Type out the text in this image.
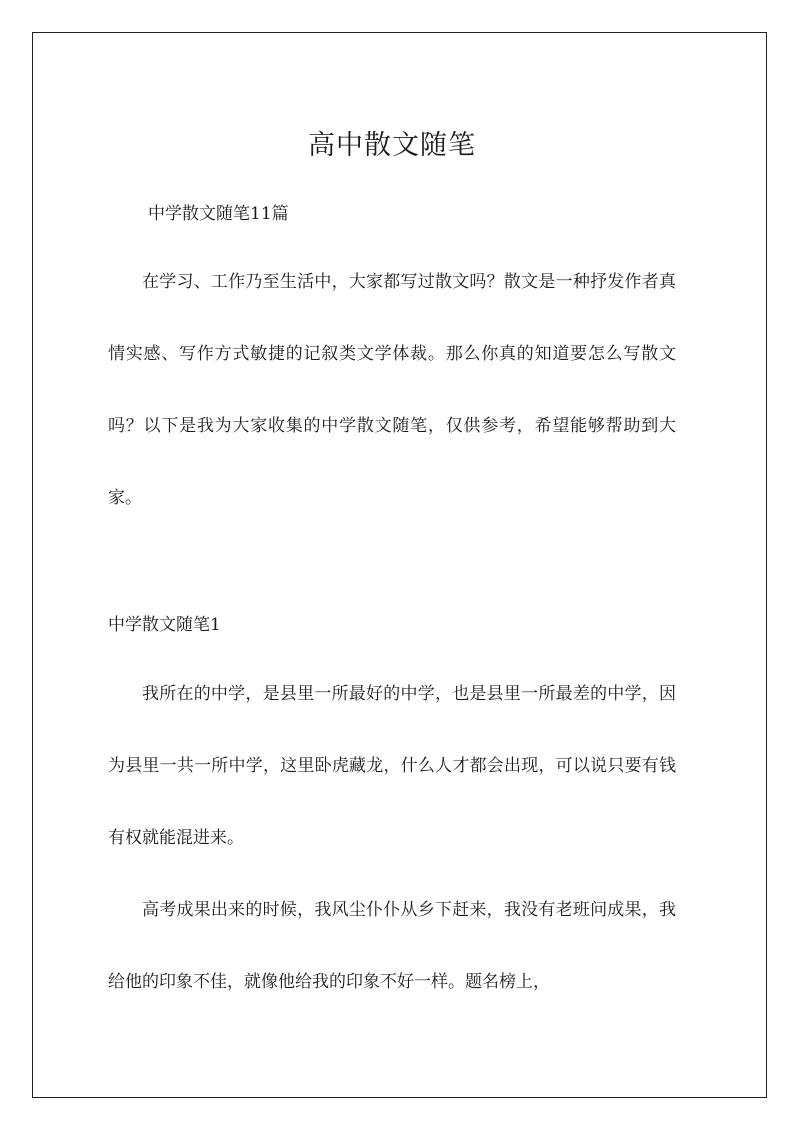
高中散文随笔
中学散文随笔11篇

在学习、工作乃至生活中，大家都写过散文吗？散文是一种抒发作者真情实感、写作方式敏捷的记叙类文学体裁。那么你真的知道要怎么写散文吗？以下是我为大家收集的中学散文随笔，仅供参考，希望能够帮助到大家。

中学散文随笔1

我所在的中学，是县里一所最好的中学，也是县里一所最差的中学，因为县里一共一所中学，这里卧虎藏龙，什么人才都会出现，可以说只要有钱有权就能混进来。

高考成果出来的时候，我风尘仆仆从乡下赶来，我没有老班问成果，我给他的印象不佳，就像他给我的印象不好一样。题名榜上，
